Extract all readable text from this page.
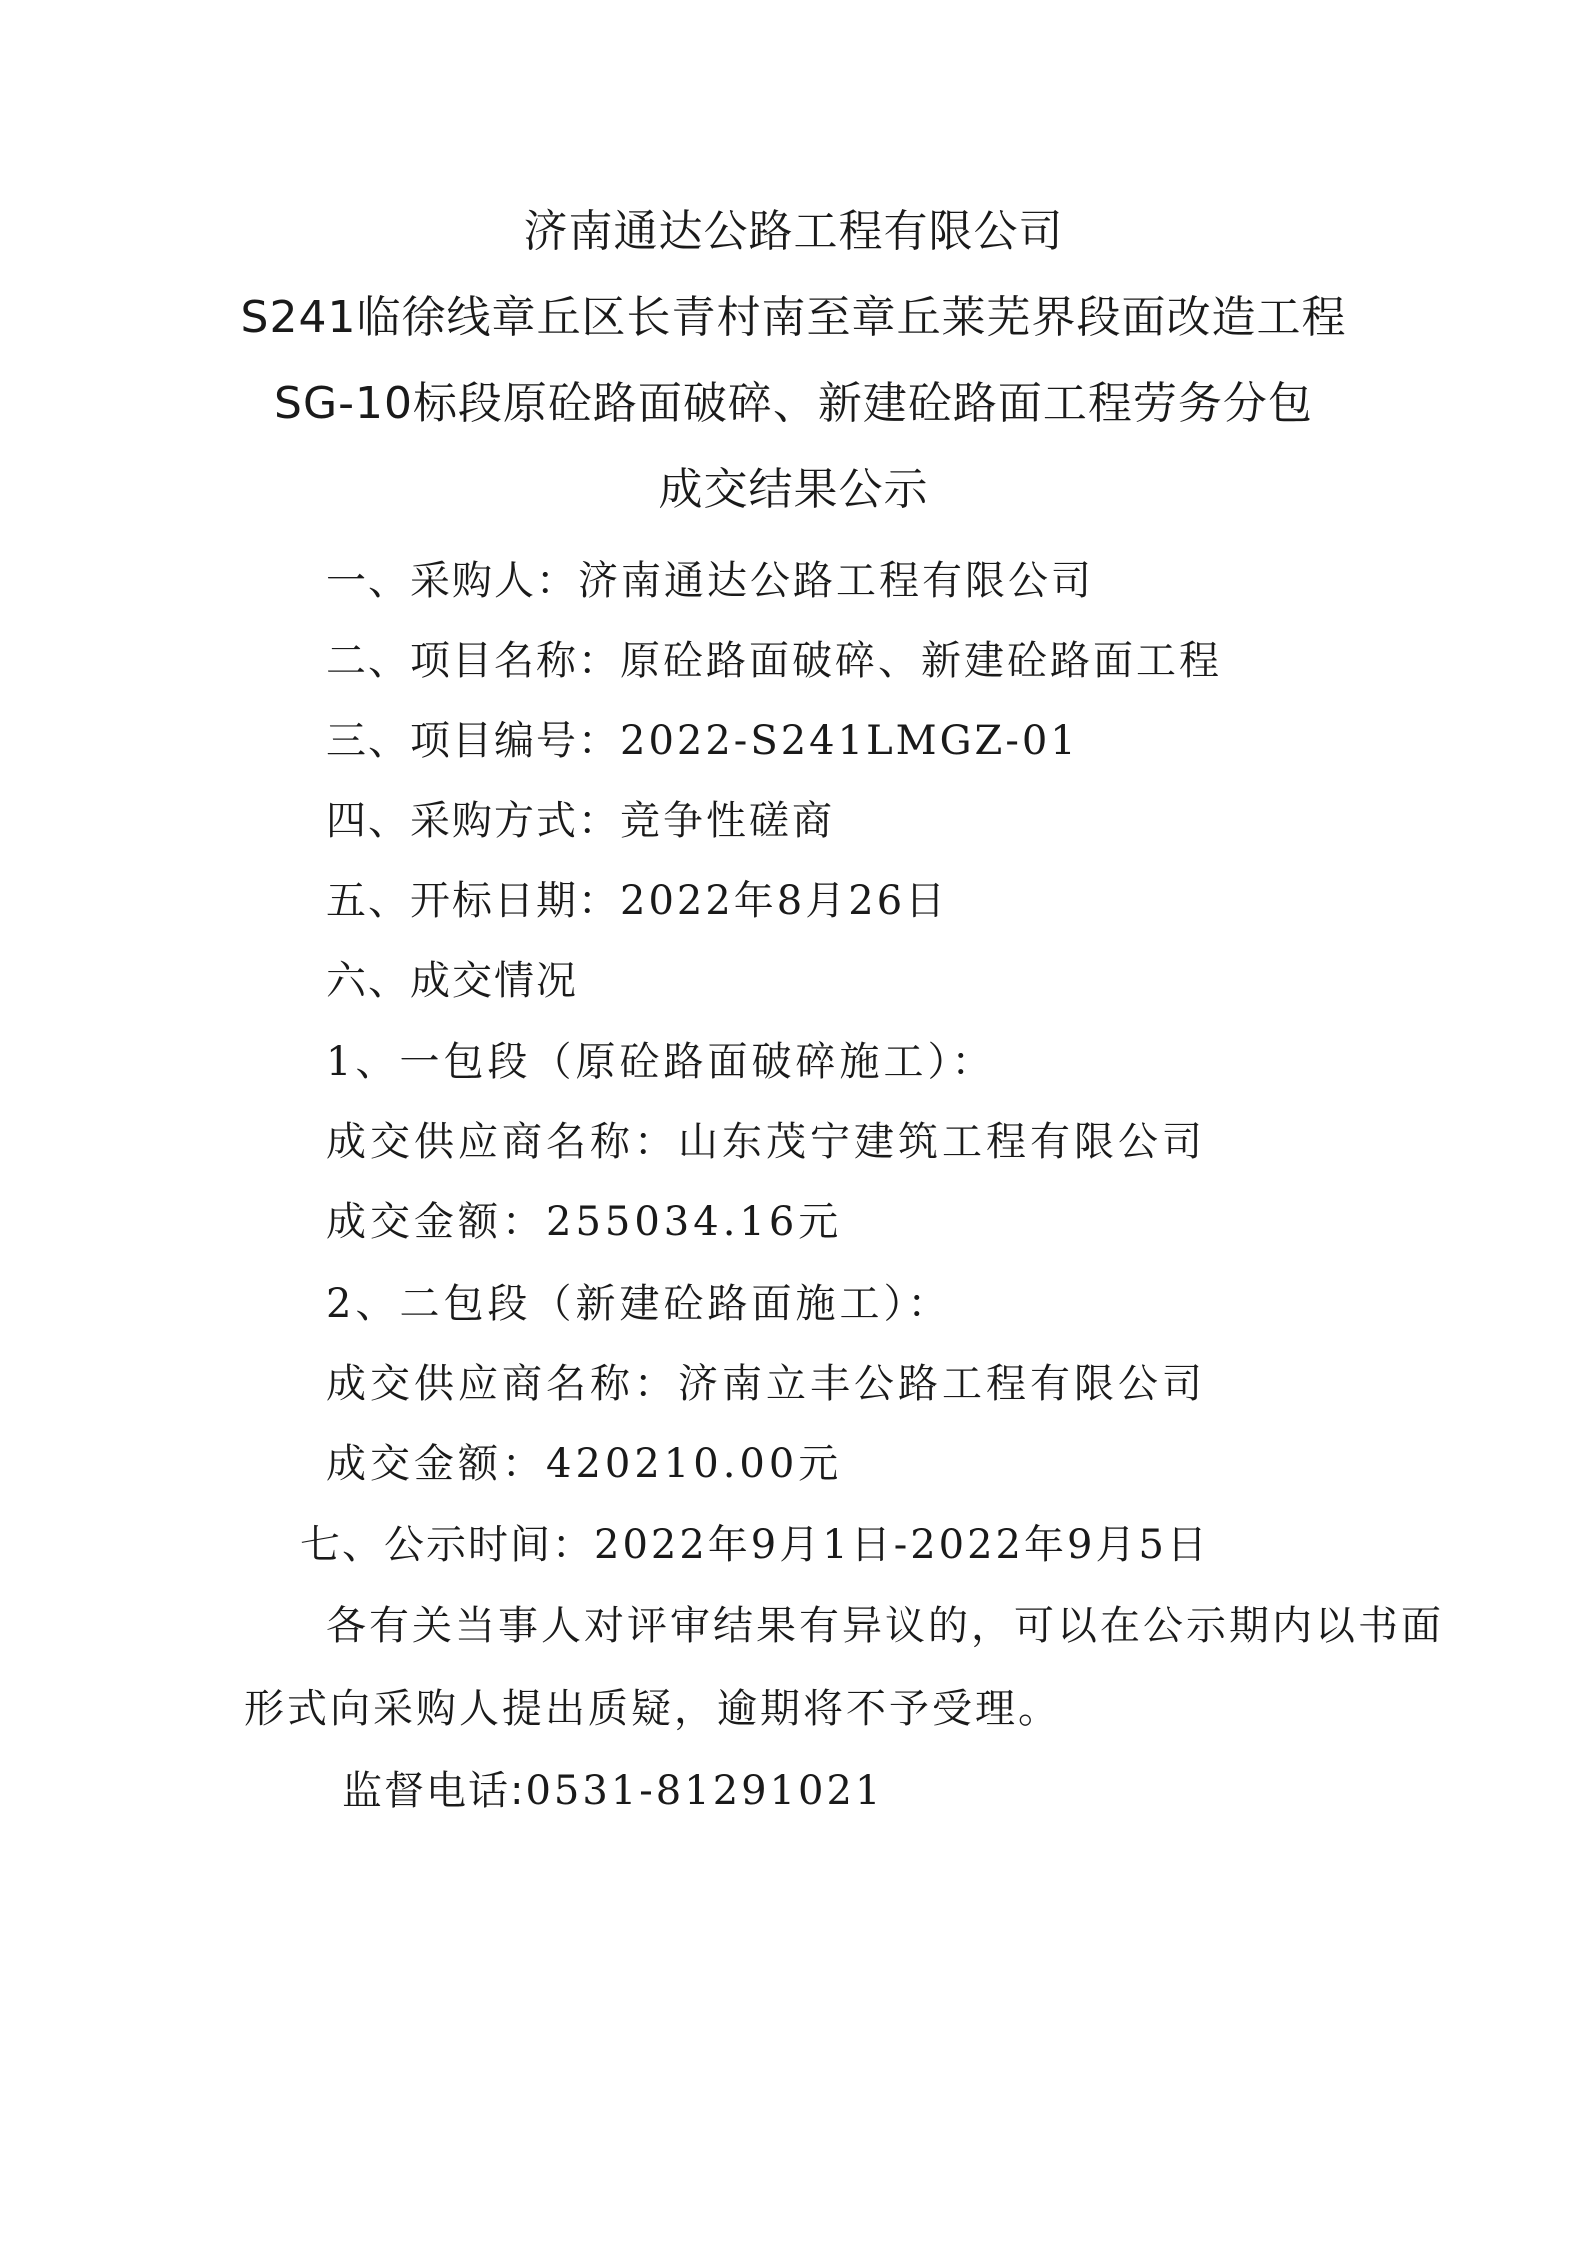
济南通达公路工程有限公司
S241临徐线章丘区长青村南至章丘莱芜界段面改造工程
SG-10标段原砼路面破碎、新建砼路面工程劳务分包
成交结果公示
一、采购人：济南通达公路工程有限公司
二、项目名称：原砼路面破碎、新建砼路面工程
三、项目编号：2022-S241LMGZ-01
四、采购方式：竞争性磋商
五、开标日期：2022年8月26日
六、成交情况
1、一包段（原砼路面破碎施工）：
成交供应商名称：山东茂宁建筑工程有限公司
成交金额：255034.16元
2、二包段（新建砼路面施工）：
成交供应商名称：济南立丰公路工程有限公司
成交金额：420210.00元
七、公示时间：2022年9月1日-2022年9月5日
各有关当事人对评审结果有异议的，可以在公示期内以书面
形式向采购人提出质疑，逾期将不予受理。
监督电话:0531-81291021
